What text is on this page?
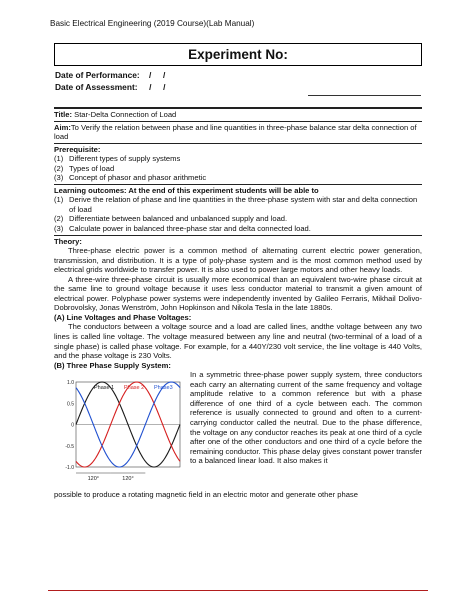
Basic Electrical Engineering (2019 Course)(Lab Manual)
Experiment No:
Date of Performance:    /     /
Date of Assessment:     /     /
Title: Star-Delta Connection of Load
Aim:To Verify the relation between phase and line quantities in three-phase balance star delta connection of load
Prerequisite:
(1) Different types of supply systems
(2) Types of load
(3) Concept of phasor and phasor arithmetic
Learning outcomes: At the end of this experiment students will be able to
(1) Derive the relation of phase and line quantities in the three-phase system with star and delta connection of load
(2) Differentiate between balanced and unbalanced supply and load.
(3) Calculate power in balanced three-phase star and delta connected load.
Theory:

Three-phase electric power is a common method of alternating current electric power generation, transmission, and distribution. It is a type of poly-phase system and is the most common method used by electrical grids worldwide to transfer power. It is also used to power large motors and other heavy loads.

A three-wire three-phase circuit is usually more economical than an equivalent two-wire phase circuit at the same line to ground voltage because it uses less conductor material to transmit a given amount of electrical power. Polyphase power systems were independently invented by Galileo Ferraris, Mikhail Dolivo-Dobrovolsky, Jonas Wenström, John Hopkinson and Nikola Tesla in the late 1880s.

(A) Line Voltages and Phase Voltages:

The conductors between a voltage source and a load are called lines, andthe voltage between any two lines is called line voltage. The voltage measured between any line and neutral (two-terminal of a load of a single phase) is called phase voltage. For example, for a 440Y/230 volt service, the line voltage is 440 Volts, and the phase voltage is 230 Volts.

(B) Three Phase Supply System:
1.0
0.5
0
-0.5
-1.0
Phase 1 Phase 2 Phase3
120°	120°
In a symmetric three-phase power supply system, three conductors each carry an alternating current of the same frequency and voltage amplitude relative to a common reference but with a phase difference of one third of a cycle between each. The common reference is usually connected to ground and often to a current-carrying conductor called the neutral. Due to the phase difference, the voltage on any conductor reaches its peak at one third of a cycle after one of the other conductors and one third of a cycle before the remaining conductor. This phase delay gives constant power transfer to a balanced linear load. It also makes it
possible to produce a rotating magnetic field in an electric motor and generate other phase
